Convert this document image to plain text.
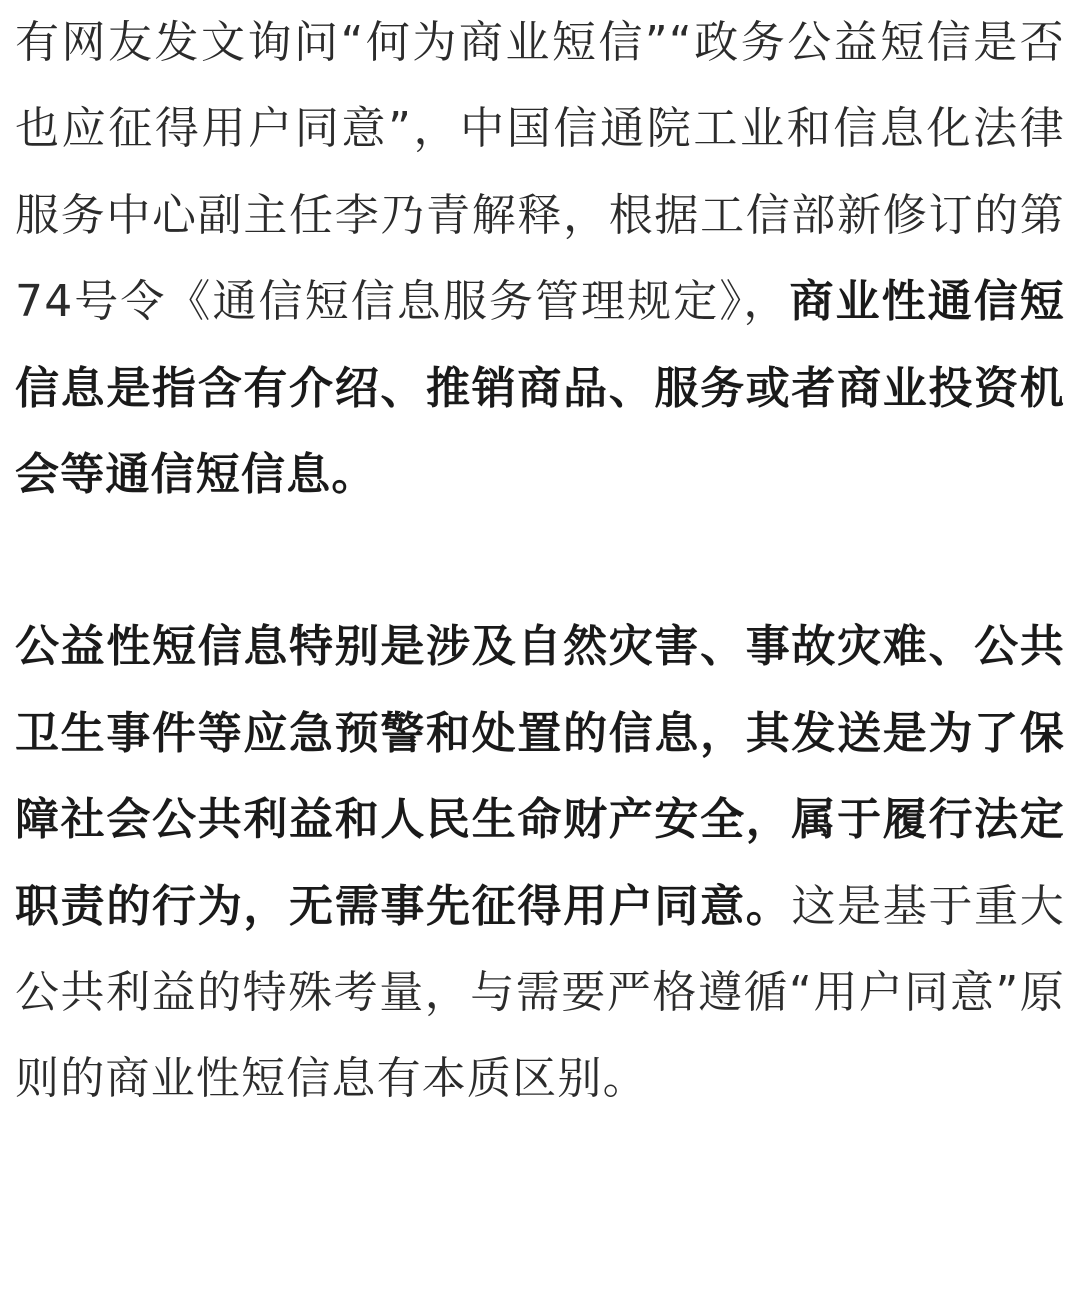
有网友发文询问“何为商业短信”“政务公益短信是否也应征得用户同意”，中国信通院工业和信息化法律服务中心副主任李乃青解释，根据工信部新修订的第74号令《通信短信息服务管理规定》，商业性通信短信息是指含有介绍、推销商品、服务或者商业投资机会等通信短信息。

公益性短信息特别是涉及自然灾害、事故灾难、公共卫生事件等应急预警和处置的信息，其发送是为了保障社会公共利益和人民生命财产安全，属于履行法定职责的行为，无需事先征得用户同意。这是基于重大公共利益的特殊考量，与需要严格遵循“用户同意”原则的商业性短信息有本质区别。
